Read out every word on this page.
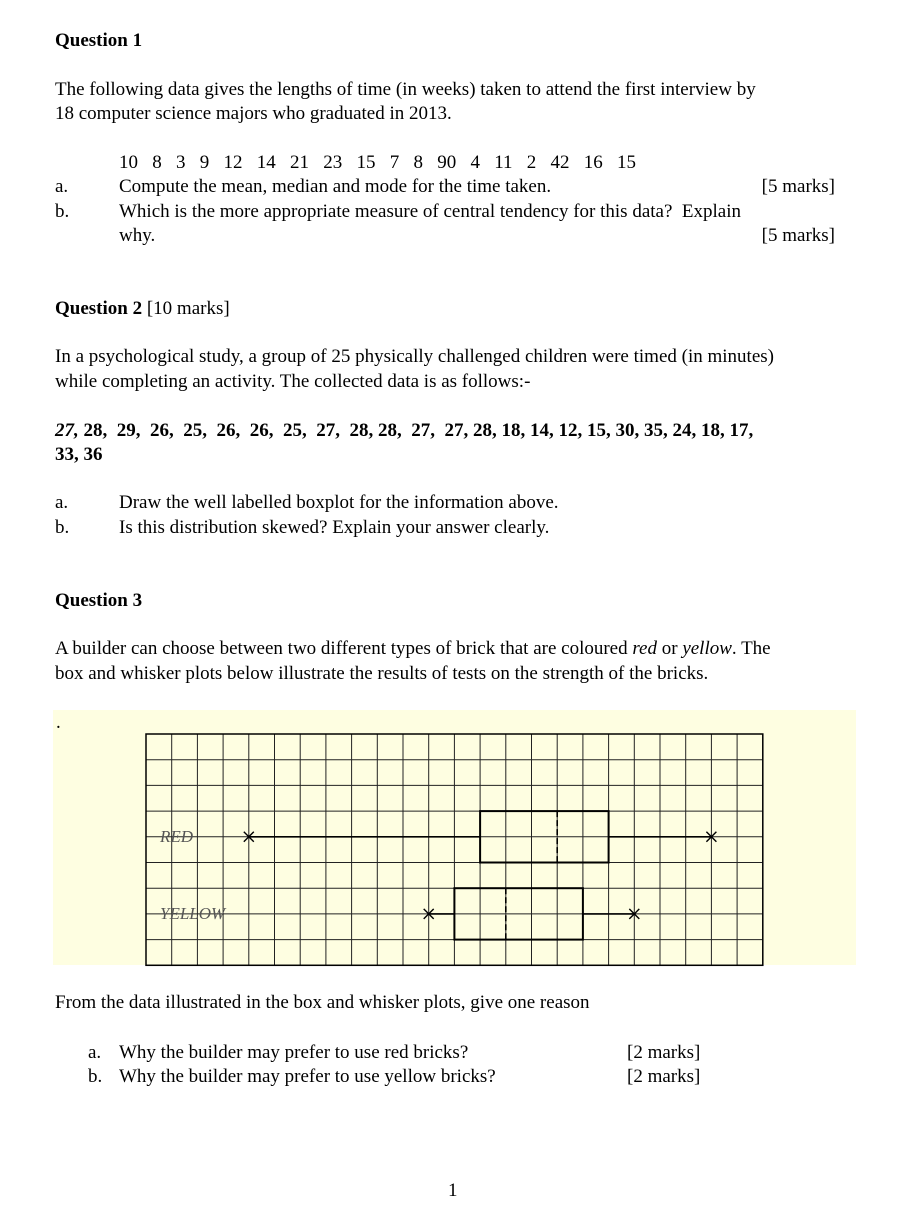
Question 1
The following data gives the lengths of time (in weeks) taken to attend the first interview by
18 computer science majors who graduated in 2013.
10   8   3   9   12   14   21   23   15   7   8   90   4   11   2   42   16   15
a.	Compute the mean, median and mode for the time taken.	[5 marks]
b.	Which is the more appropriate measure of central tendency for this data?  Explain
why.	[5 marks]
Question 2 [10 marks]
In a psychological study, a group of 25 physically challenged children were timed (in minutes)
while completing an activity. The collected data is as follows:-
27, 28,  29,  26,  25,  26,  26,  25,  27,  28, 28,  27,  27, 28, 18, 14, 12, 15, 30, 35, 24, 18, 17,
33, 36
a.	Draw the well labelled boxplot for the information above.
b.	Is this distribution skewed? Explain your answer clearly.
Question 3
A builder can choose between two different types of brick that are coloured red or yellow. The
box and whisker plots below illustrate the results of tests on the strength of the bricks.
.
RED
YELLOW
From the data illustrated in the box and whisker plots, give one reason
a. Why the builder may prefer to use red bricks?	[2 marks]
b. Why the builder may prefer to use yellow bricks?	[2 marks]
1
